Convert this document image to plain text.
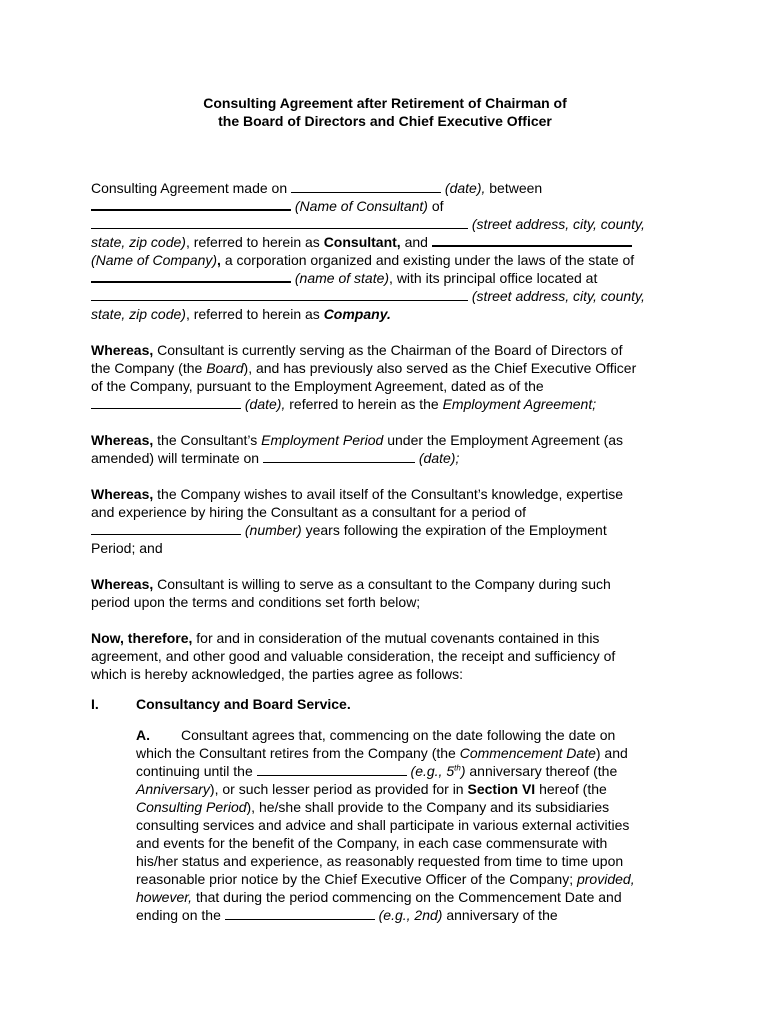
Consulting Agreement after Retirement of Chairman of
the Board of Directors and Chief Executive Officer
Consulting Agreement made on	(date), between
(Name of Consultant) of
(street address, city, county,
state, zip code), referred to herein as Consultant, and
(Name of Company), a corporation organized and existing under the laws of the state of
(name of state), with its principal office located at
(street address, city, county,
state, zip code), referred to herein as Company.
Whereas, Consultant is currently serving as the Chairman of the Board of Directors of
the Company (the Board), and has previously also served as the Chief Executive Officer
of the Company, pursuant to the Employment Agreement, dated as of the
(date), referred to herein as the Employment Agreement;
Whereas, the Consultant’s Employment Period under the Employment Agreement (as
amended) will terminate on	(date);
Whereas, the Company wishes to avail itself of the Consultant’s knowledge, expertise
and experience by hiring the Consultant as a consultant for a period of
(number) years following the expiration of the Employment
Period; and
Whereas, Consultant is willing to serve as a consultant to the Company during such
period upon the terms and conditions set forth below;
Now, therefore, for and in consideration of the mutual covenants contained in this
agreement, and other good and valuable consideration, the receipt and sufficiency of
which is hereby acknowledged, the parties agree as follows:
I.	Consultancy and Board Service.
A. Consultant agrees that, commencing on the date following the date on
which the Consultant retires from the Company (the Commencement Date) and
continuing until the	(e.g., 5th) anniversary thereof (the
Anniversary), or such lesser period as provided for in Section VI hereof (the
Consulting Period), he/she shall provide to the Company and its subsidiaries
consulting services and advice and shall participate in various external activities
and events for the benefit of the Company, in each case commensurate with
his/her status and experience, as reasonably requested from time to time upon
reasonable prior notice by the Chief Executive Officer of the Company; provided,
however, that during the period commencing on the Commencement Date and
ending on the	(e.g., 2nd) anniversary of the
